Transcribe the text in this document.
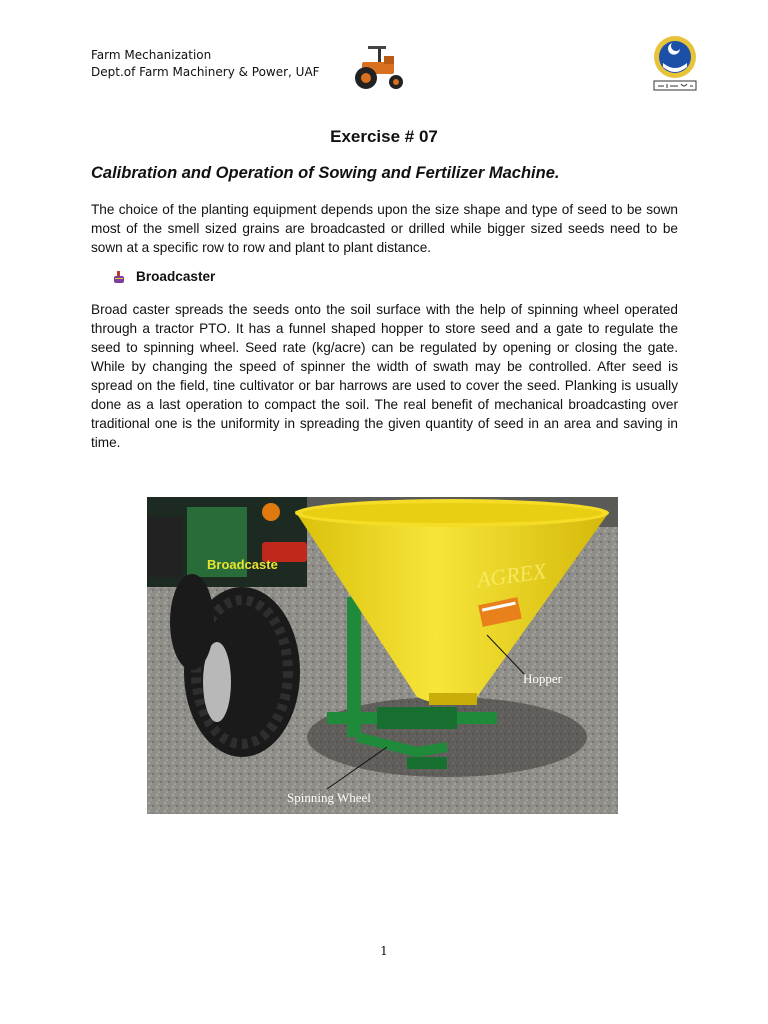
Farm Mechanization
Dept.of Farm Machinery & Power, UAF
Exercise # 07
Calibration and Operation of Sowing and Fertilizer Machine.
The choice of the planting equipment depends upon the size shape and type of seed to be sown
most of the smell sized grains are broadcasted or drilled while bigger sized seeds need to be
sown at a specific row to row and plant to plant distance.
Broadcaster
Broad caster spreads the seeds onto the soil surface with the help of spinning wheel operated
through a tractor PTO. It has a funnel shaped hopper to store seed and a gate to regulate the
seed to spinning wheel. Seed rate (kg/acre) can be regulated by opening or closing the gate.
While by changing the speed of spinner the width of swath may be controlled. After seed is
spread on the field, tine cultivator or bar harrows are used to cover the seed. Planking is usually
done as a last operation to compact the soil. The real benefit of mechanical broadcasting over
traditional one is the uniformity in spreading the given quantity of seed in an area and saving in
time.
AGREX
Broadcaste
Hopper
Spinning Wheel
1
